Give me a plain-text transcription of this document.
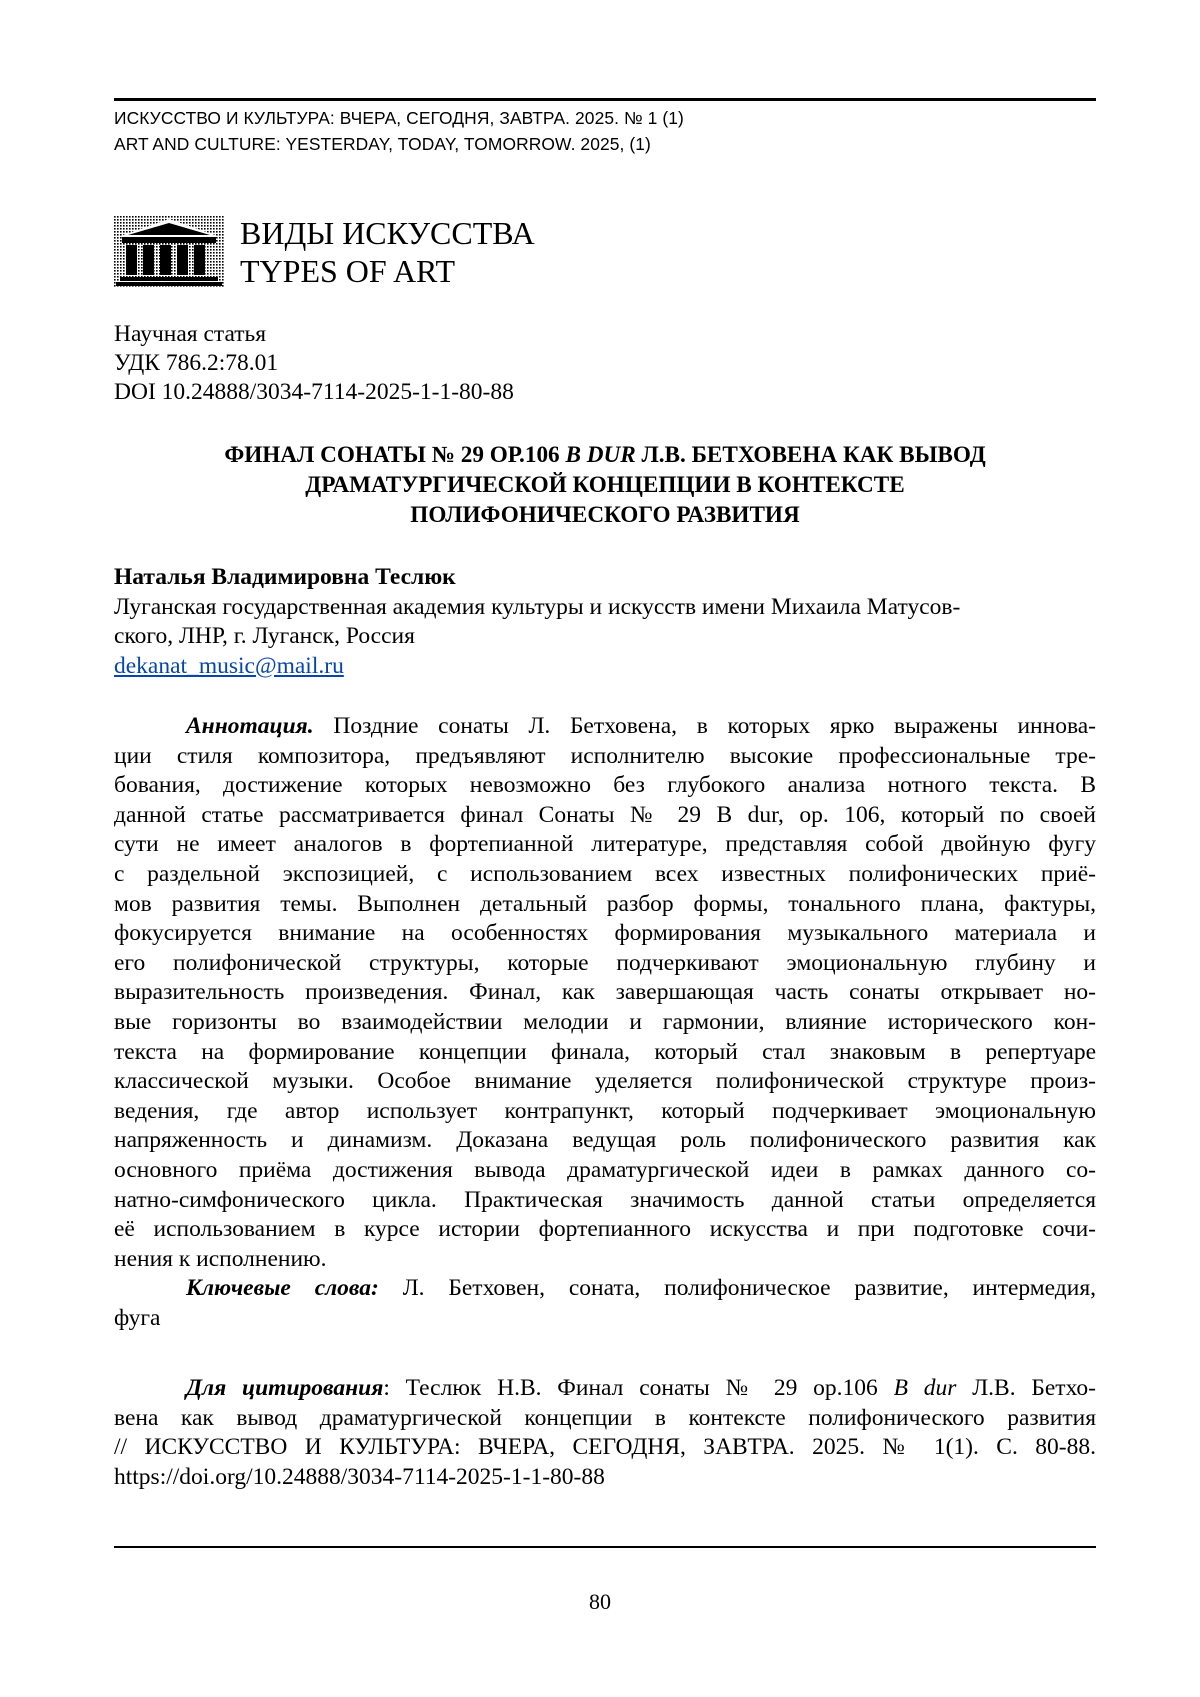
ИСКУССТВО И КУЛЬТУРА: ВЧЕРА, СЕГОДНЯ, ЗАВТРА. 2025. № 1 (1)
ART AND CULTURE: YESTERDAY, TODAY, TOMORROW. 2025, (1)
ВИДЫ ИСКУССТВА
TYPES OF ART
Научная статья
УДК 786.2:78.01
DOI 10.24888/3034-7114-2025-1-1-80-88
ФИНАЛ СОНАТЫ № 29 ОР.106 B DUR Л.В. БЕТХОВЕНА КАК ВЫВОД
ДРАМАТУРГИЧЕСКОЙ КОНЦЕПЦИИ В КОНТЕКСТЕ
ПОЛИФОНИЧЕСКОГО РАЗВИТИЯ
Наталья Владимировна Теслюк
Луганская государственная академия культуры и искусств имени Михаила Матусов-
ского, ЛНР, г. Луганск, Россия
dekanat_music@mail.ru
Аннотация. Поздние сонаты Л. Бетховена, в которых ярко выражены иннова-
ции стиля композитора, предъявляют исполнителю высокие профессиональные тре-
бования, достижение которых невозможно без глубокого анализа нотного текста. В
данной статье рассматривается финал Сонаты № 29 B dur, ор. 106, который по своей
сути не имеет аналогов в фортепианной литературе, представляя собой двойную фугу
с раздельной экспозицией, с использованием всех известных полифонических приё-
мов развития темы. Выполнен детальный разбор формы, тонального плана, фактуры,
фокусируется внимание на особенностях формирования музыкального материала и
его полифонической структуры, которые подчеркивают эмоциональную глубину и
выразительность произведения. Финал, как завершающая часть сонаты открывает но-
вые горизонты во взаимодействии мелодии и гармонии, влияние исторического кон-
текста на формирование концепции финала, который стал знаковым в репертуаре
классической музыки. Особое внимание уделяется полифонической структуре произ-
ведения, где автор использует контрапункт, который подчеркивает эмоциональную
напряженность и динамизм. Доказана ведущая роль полифонического развития как
основного приёма достижения вывода драматургической идеи в рамках данного со-
натно-симфонического цикла. Практическая значимость данной статьи определяется
её использованием в курсе истории фортепианного искусства и при подготовке сочи-
нения к исполнению.
Ключевые слова: Л. Бетховен, соната, полифоническое развитие, интермедия,
фуга
Для цитирования: Теслюк Н.В. Финал сонаты № 29 ор.106 B dur Л.В. Бетхо-
вена как вывод драматургической концепции в контексте полифонического развития
// ИСКУССТВО И КУЛЬТУРА: ВЧЕРА, СЕГОДНЯ, ЗАВТРА. 2025. № 1(1). С. 80-88.
https://doi.org/10.24888/3034-7114-2025-1-1-80-88
80
